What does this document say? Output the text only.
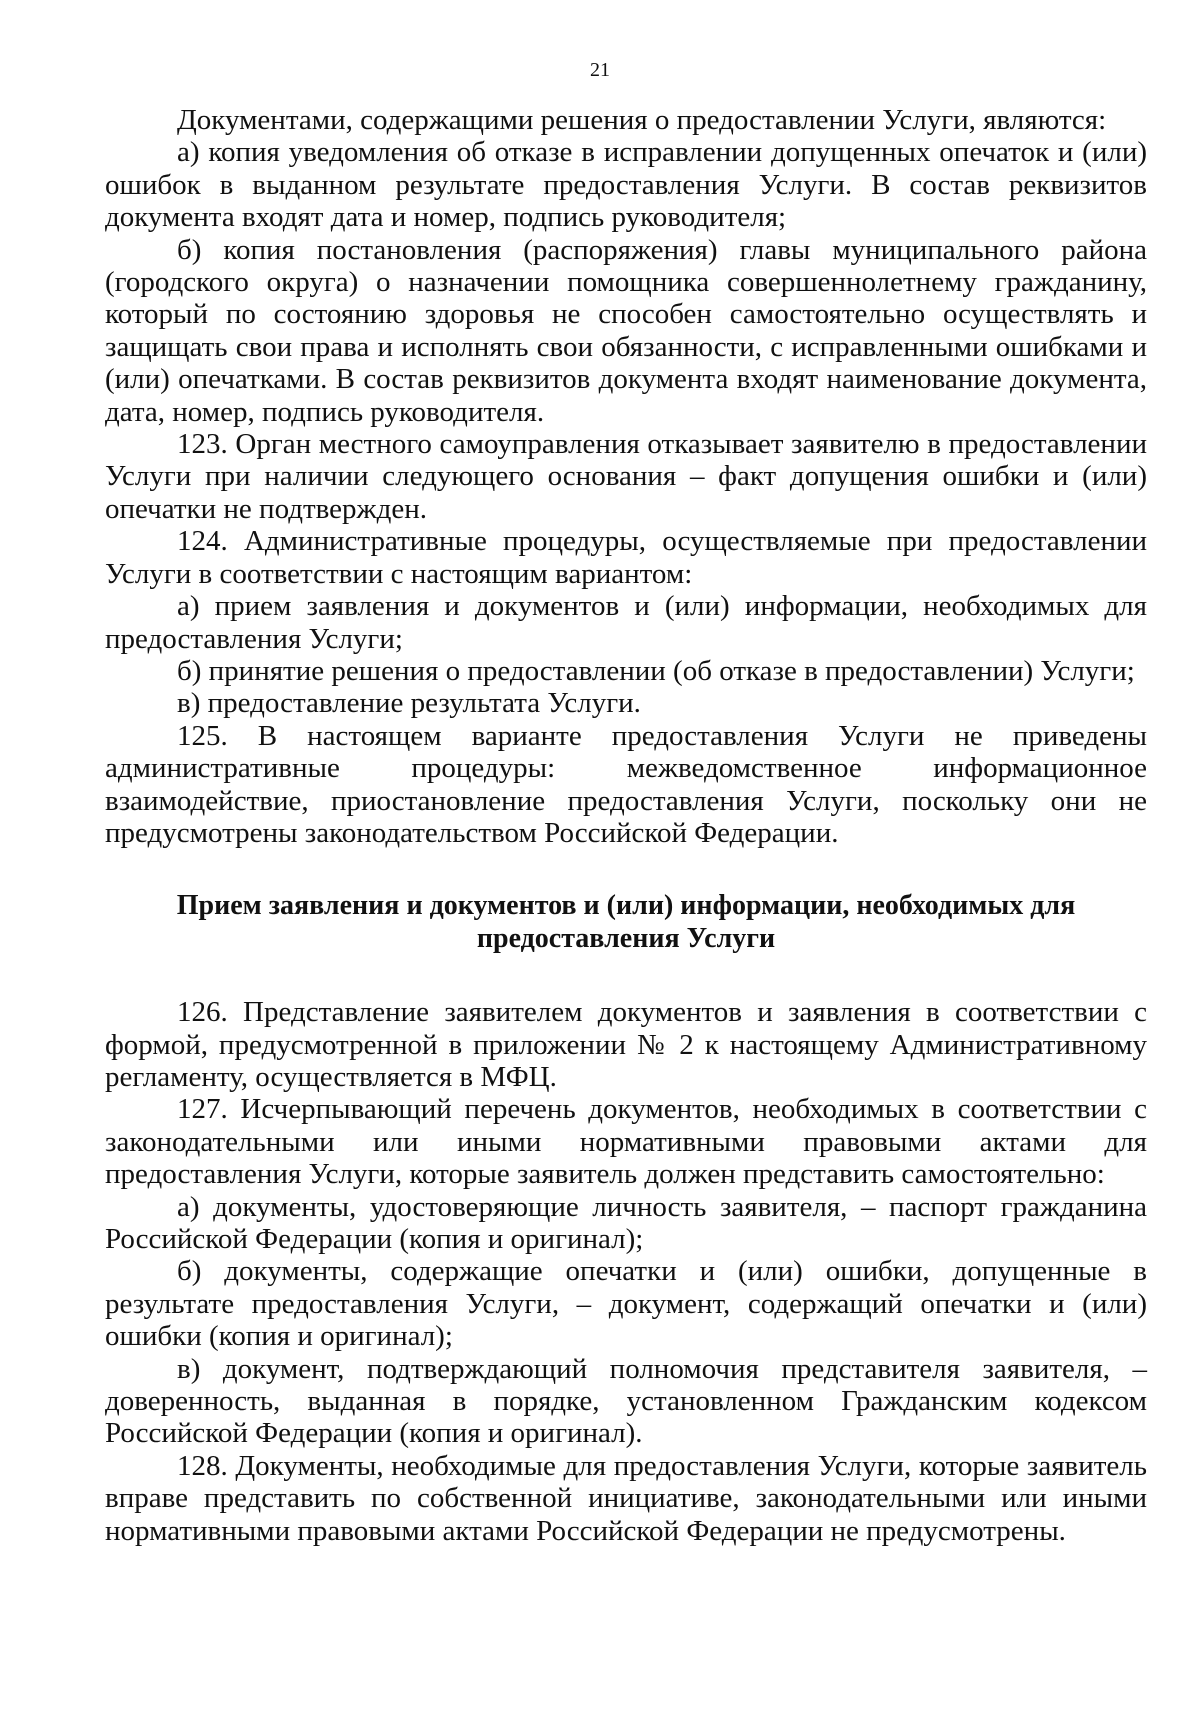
21

Документами, содержащими решения о предоставлении Услуги, являются:

а) копия уведомления об отказе в исправлении допущенных опечаток и (или) ошибок в выданном результате предоставления Услуги. В состав реквизитов документа входят дата и номер, подпись руководителя;

б) копия постановления (распоряжения) главы муниципального района (городского округа) о назначении помощника совершеннолетнему гражданину, который по состоянию здоровья не способен самостоятельно осуществлять и защищать свои права и исполнять свои обязанности, с исправленными ошибками и (или) опечатками. В состав реквизитов документа входят наименование документа, дата, номер, подпись руководителя.

123. Орган местного самоуправления отказывает заявителю в предоставлении Услуги при наличии следующего основания – факт допущения ошибки и (или) опечатки не подтвержден.

124. Административные процедуры, осуществляемые при предоставлении Услуги в соответствии с настоящим вариантом:

а) прием заявления и документов и (или) информации, необходимых для предоставления Услуги;

б) принятие решения о предоставлении (об отказе в предоставлении) Услуги;

в) предоставление результата Услуги.

125. В настоящем варианте предоставления Услуги не приведены административные процедуры: межведомственное информационное взаимодействие, приостановление предоставления Услуги, поскольку они не предусмотрены законодательством Российской Федерации.

Прием заявления и документов и (или) информации, необходимых для предоставления Услуги

126. Представление заявителем документов и заявления в соответствии с формой, предусмотренной в приложении № 2 к настоящему Административному регламенту, осуществляется в МФЦ.

127. Исчерпывающий перечень документов, необходимых в соответствии с законодательными или иными нормативными правовыми актами для предоставления Услуги, которые заявитель должен представить самостоятельно:

а) документы, удостоверяющие личность заявителя, – паспорт гражданина Российской Федерации (копия и оригинал);

б) документы, содержащие опечатки и (или) ошибки, допущенные в результате предоставления Услуги, – документ, содержащий опечатки и (или) ошибки (копия и оригинал);

в) документ, подтверждающий полномочия представителя заявителя, – доверенность, выданная в порядке, установленном Гражданским кодексом Российской Федерации (копия и оригинал).

128. Документы, необходимые для предоставления Услуги, которые заявитель вправе представить по собственной инициативе, законодательными или иными нормативными правовыми актами Российской Федерации не предусмотрены.
